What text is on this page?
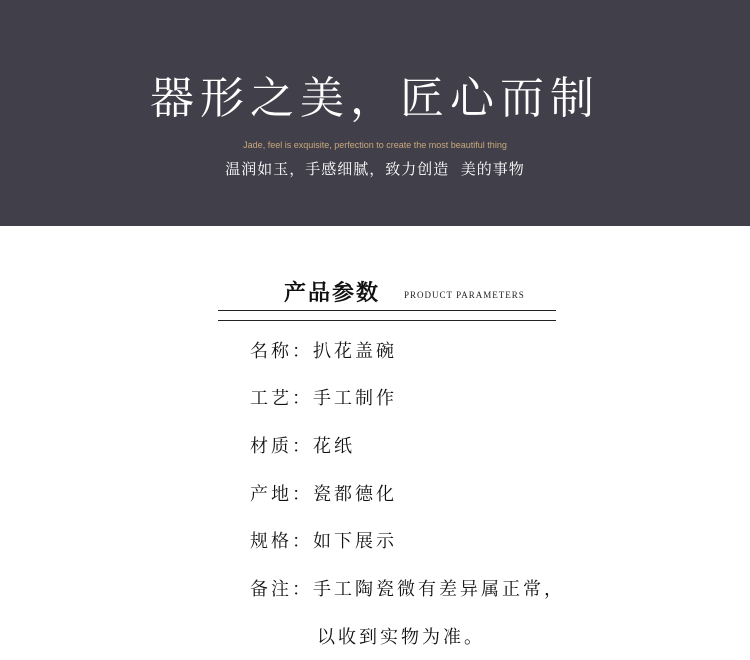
器形之美，匠心而制
Jade, feel is exquisite, perfection to create the most beautiful thing
温润如玉，手感细腻，致力创造  美的事物
产品参数	PRODUCT PARAMETERS
名称：扒花盖碗
工艺：手工制作
材质：花纸
产地：瓷都德化
规格：如下展示
备注：手工陶瓷微有差异属正常，
以收到实物为准。
